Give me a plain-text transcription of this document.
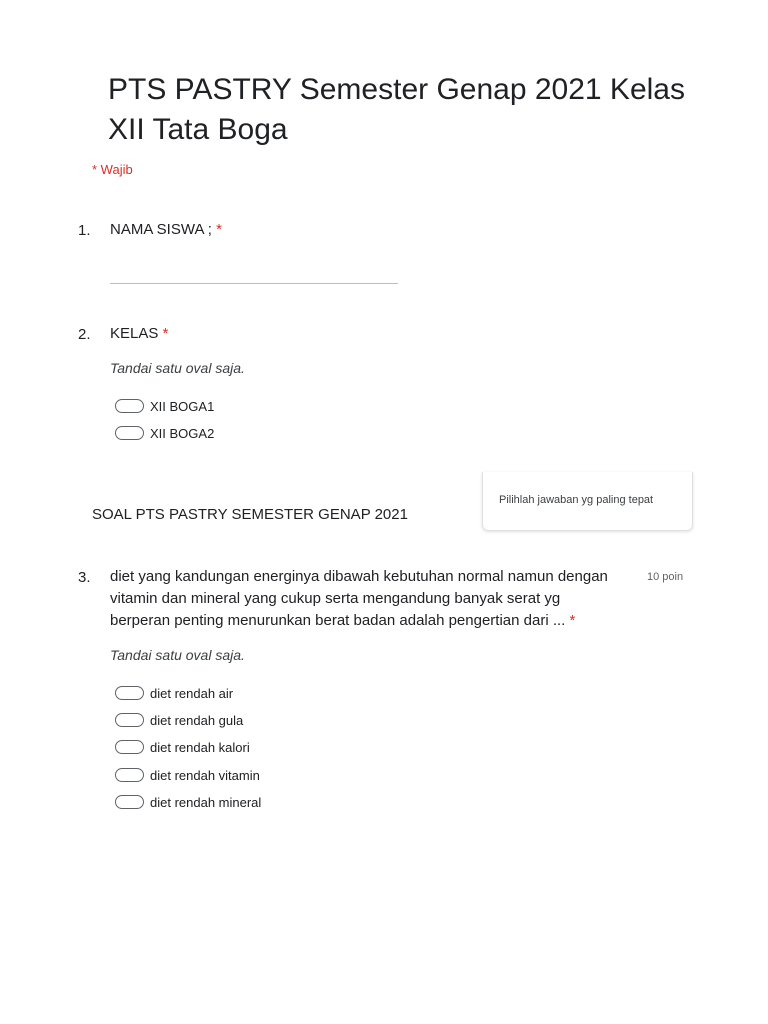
PTS PASTRY Semester Genap 2021 Kelas XII Tata Boga
* Wajib
1. NAMA SISWA ; *
2. KELAS *
Tandai satu oval saja.
XII BOGA1
XII BOGA2
SOAL PTS PASTRY SEMESTER GENAP 2021
Pilihlah jawaban yg paling tepat
3. diet yang kandungan energinya dibawah kebutuhan normal namun dengan
vitamin dan mineral yang cukup serta mengandung banyak serat yg
berperan penting menurunkan berat badan adalah pengertian dari ... *
10 poin
Tandai satu oval saja.
diet rendah air
diet rendah gula
diet rendah kalori
diet rendah vitamin
diet rendah mineral
